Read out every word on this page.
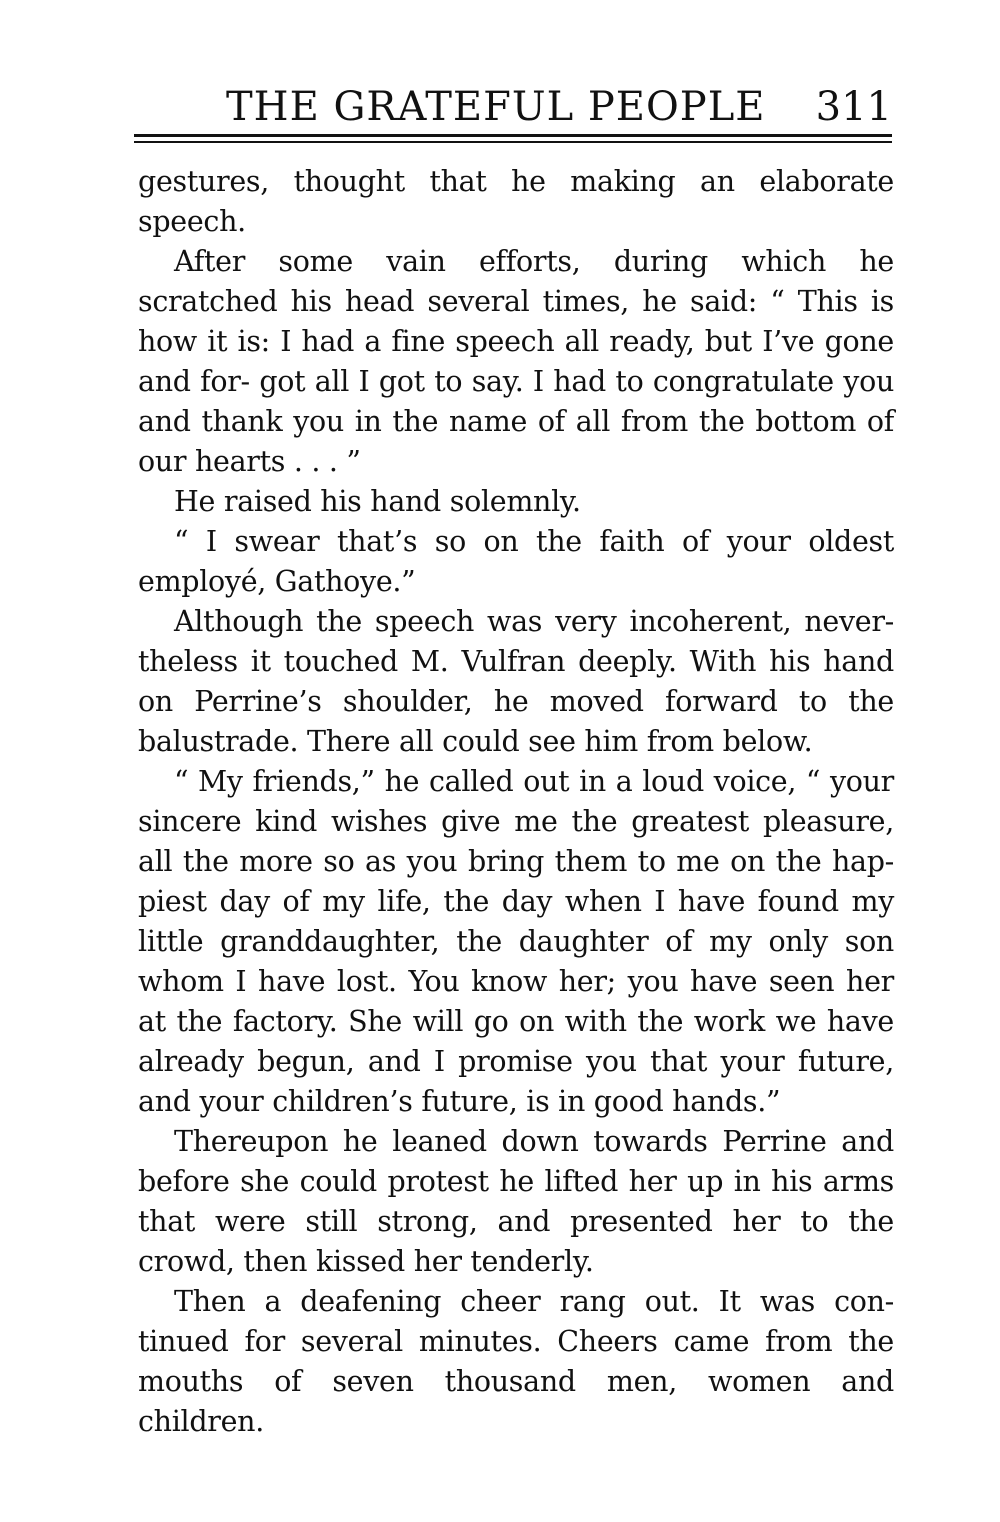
THE GRATEFUL PEOPLE 311

gestures, thought that he making an elaborate speech.

After some vain efforts, during which he scratched his head several times, he said: “ This is how it is: I had a fine speech all ready, but I’ve gone and for- got all I got to say. I had to congratulate you and thank you in the name of all from the bottom of our hearts . . . ”

He raised his hand solemnly.

“ I swear that’s so on the faith of your oldest employé, Gathoye.”

Although the speech was very incoherent, never- theless it touched M. Vulfran deeply. With his hand on Perrine’s shoulder, he moved forward to the balustrade. There all could see him from below.

“ My friends,” he called out in a loud voice, “ your sincere kind wishes give me the greatest pleasure, all the more so as you bring them to me on the hap- piest day of my life, the day when I have found my little granddaughter, the daughter of my only son whom I have lost. You know her; you have seen her at the factory. She will go on with the work we have already begun, and I promise you that your future, and your children’s future, is in good hands.”

Thereupon he leaned down towards Perrine and before she could protest he lifted her up in his arms that were still strong, and presented her to the crowd, then kissed her tenderly.

Then a deafening cheer rang out. It was con- tinued for several minutes. Cheers came from the mouths of seven thousand men, women and children.
